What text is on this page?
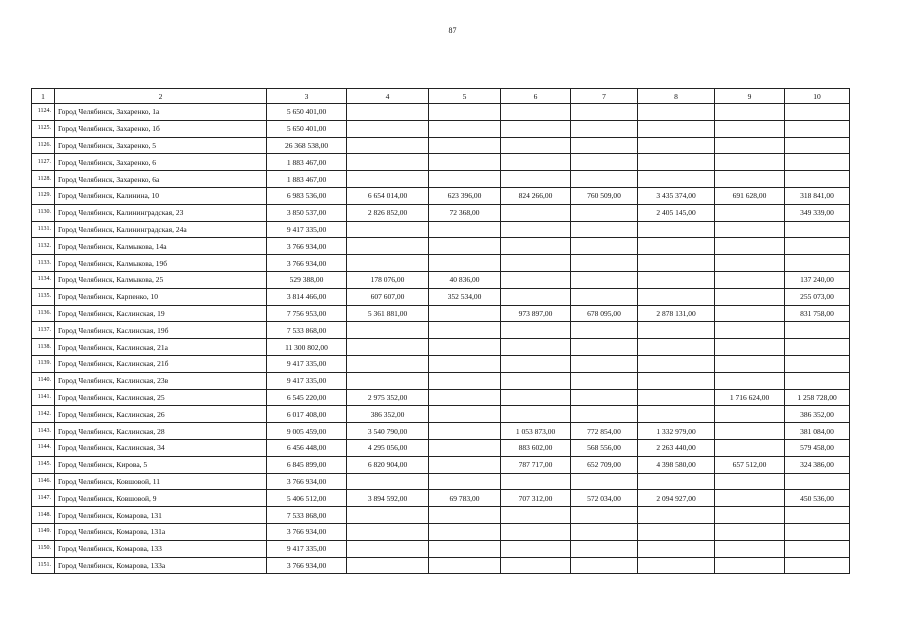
87
1	2	3	4	5	6	7	8	9	10
1124.	Город Челябинск, Захаренко, 1а	5 650 401,00							
1125.	Город Челябинск, Захаренко, 1б	5 650 401,00							
1126.	Город Челябинск, Захаренко, 5	26 368 538,00							
1127.	Город Челябинск, Захаренко, 6	1 883 467,00							
1128.	Город Челябинск, Захаренко, 6а	1 883 467,00							
1129.	Город Челябинск, Калинина, 10	6 983 536,00	6 654 014,00	623 396,00	824 266,00	760 509,00	3 435 374,00	691 628,00	318 841,00
1130.	Город Челябинск, Калининградская, 23	3 850 537,00	2 826 852,00	72 368,00			2 405 145,00		349 339,00
1131.	Город Челябинск, Калининградская, 24а	9 417 335,00							
1132.	Город Челябинск, Калмыкова, 14а	3 766 934,00							
1133.	Город Челябинск, Калмыкова, 19б	3 766 934,00							
1134.	Город Челябинск, Калмыкова, 25	529 388,00	178 076,00	40 836,00					137 240,00
1135.	Город Челябинск, Карпенко, 10	3 814 466,00	607 607,00	352 534,00					255 073,00
1136.	Город Челябинск, Каслинская, 19	7 756 953,00	5 361 881,00		973 897,00	678 095,00	2 878 131,00		831 758,00
1137.	Город Челябинск, Каслинская, 19б	7 533 868,00							
1138.	Город Челябинск, Каслинская, 21а	11 300 802,00							
1139.	Город Челябинск, Каслинская, 21б	9 417 335,00							
1140.	Город Челябинск, Каслинская, 23в	9 417 335,00							
1141.	Город Челябинск, Каслинская, 25	6 545 220,00	2 975 352,00					1 716 624,00	1 258 728,00
1142.	Город Челябинск, Каслинская, 26	6 017 408,00	386 352,00						386 352,00
1143.	Город Челябинск, Каслинская, 28	9 005 459,00	3 540 790,00		1 053 873,00	772 854,00	1 332 979,00		381 084,00
1144.	Город Челябинск, Каслинская, 34	6 456 448,00	4 295 056,00		883 602,00	568 556,00	2 263 440,00		579 458,00
1145.	Город Челябинск, Кирова, 5	6 845 899,00	6 820 904,00		787 717,00	652 709,00	4 398 580,00	657 512,00	324 386,00
1146.	Город Челябинск, Ковшовой, 11	3 766 934,00							
1147.	Город Челябинск, Ковшовой, 9	5 406 512,00	3 894 592,00	69 783,00	707 312,00	572 034,00	2 094 927,00		450 536,00
1148.	Город Челябинск, Комарова, 131	7 533 868,00							
1149.	Город Челябинск, Комарова, 131а	3 766 934,00							
1150.	Город Челябинск, Комарова, 133	9 417 335,00							
1151.	Город Челябинск, Комарова, 133а	3 766 934,00							
